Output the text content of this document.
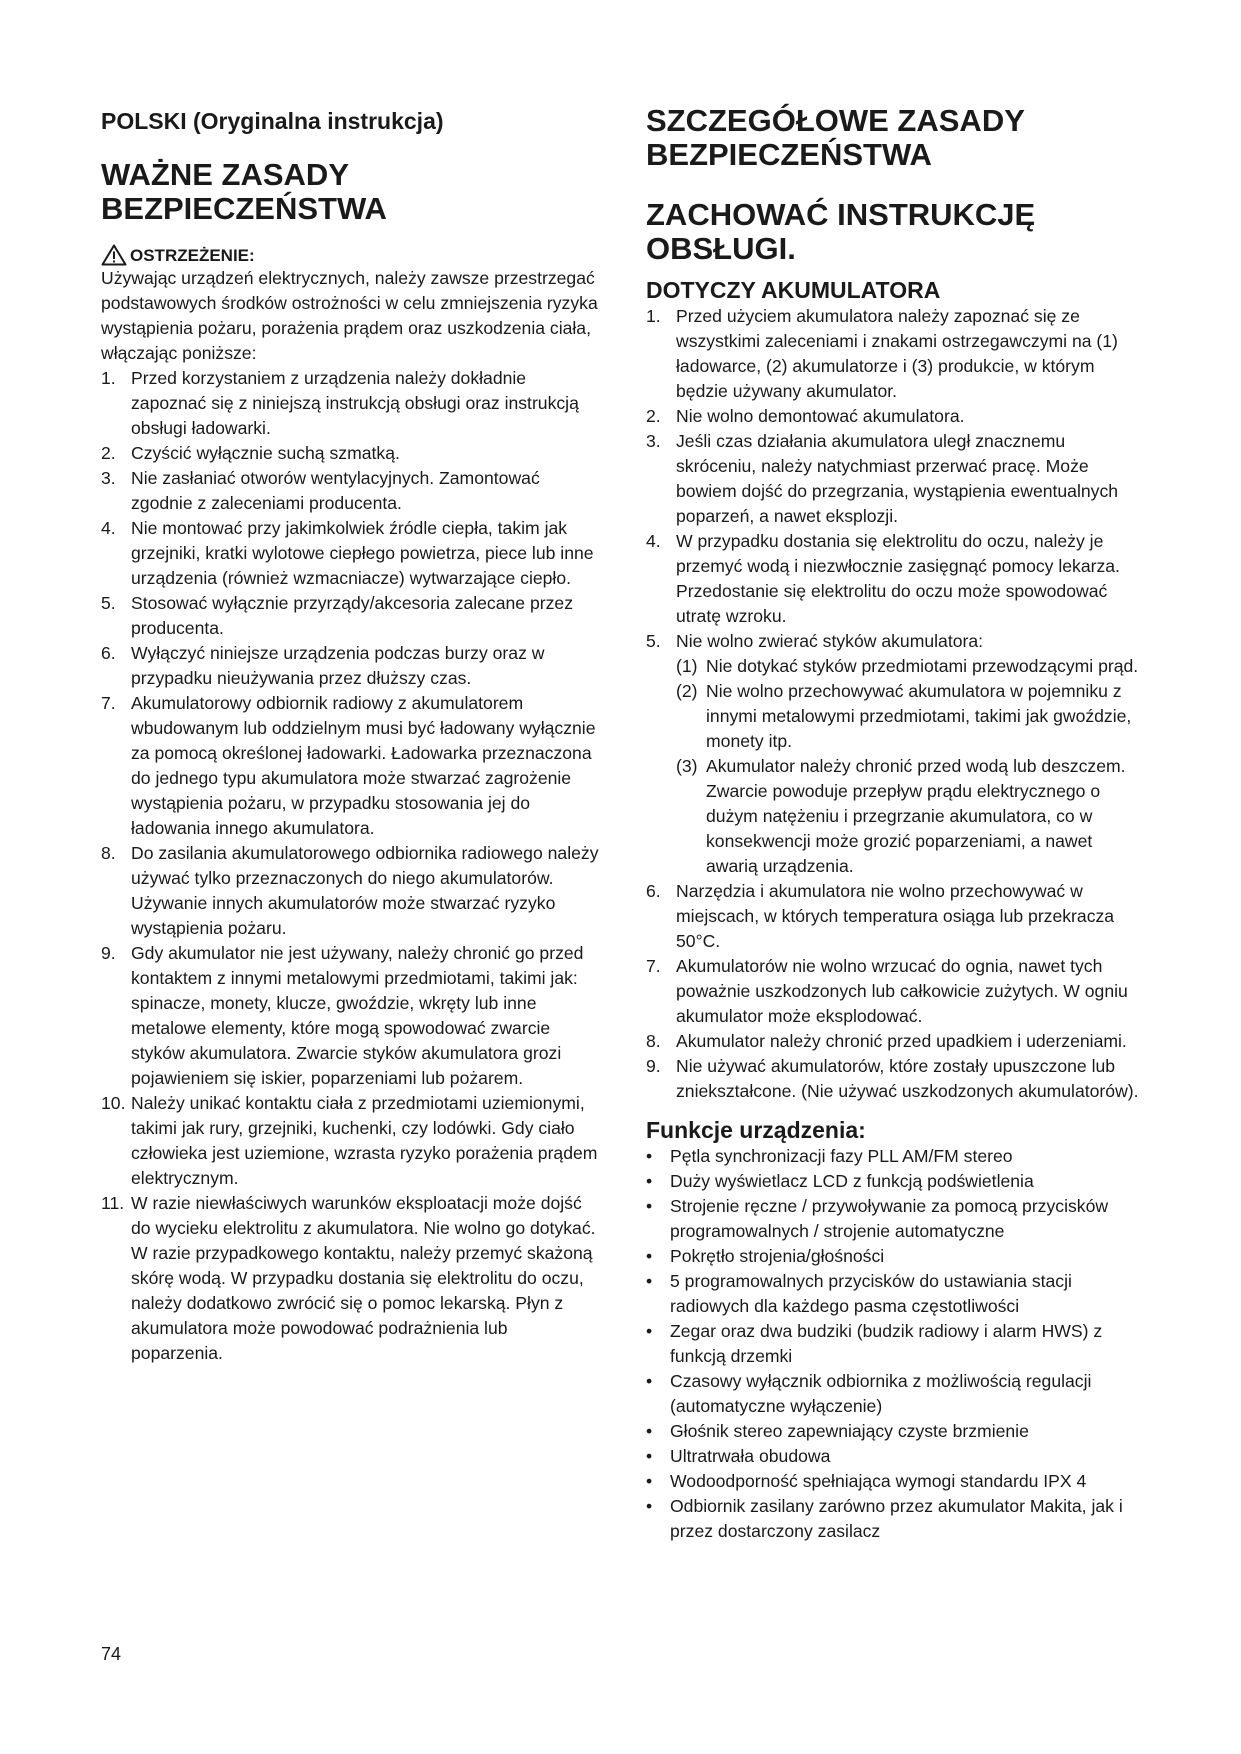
POLSKI (Oryginalna instrukcja)

WAŻNE ZASADY BEZPIECZEŃSTWA
OSTRZEŻENIE:

Używając urządzeń elektrycznych, należy zawsze przestrzegać podstawowych środków ostrożności w celu zmniejszenia ryzyka wystąpienia pożaru, porażenia prądem oraz uszkodzenia ciała, włączając poniższe:

1. Przed korzystaniem z urządzenia należy dokładnie zapoznać się z niniejszą instrukcją obsługi oraz instrukcją obsługi ładowarki.
2. Czyścić wyłącznie suchą szmatką.
3. Nie zasłaniać otworów wentylacyjnych. Zamontować zgodnie z zaleceniami producenta.
4. Nie montować przy jakimkolwiek źródle ciepła, takim jak grzejniki, kratki wylotowe ciepłego powietrza, piece lub inne urządzenia (również wzmacniacze) wytwarzające ciepło.
5. Stosować wyłącznie przyrządy/akcesoria zalecane przez producenta.
6. Wyłączyć niniejsze urządzenia podczas burzy oraz w przypadku nieużywania przez dłuższy czas.
7. Akumulatorowy odbiornik radiowy z akumulatorem wbudowanym lub oddzielnym musi być ładowany wyłącznie za pomocą określonej ładowarki. Ładowarka przeznaczona do jednego typu akumulatora może stwarzać zagrożenie wystąpienia pożaru, w przypadku stosowania jej do ładowania innego akumulatora.
8. Do zasilania akumulatorowego odbiornika radiowego należy używać tylko przeznaczonych do niego akumulatorów. Używanie innych akumulatorów może stwarzać ryzyko wystąpienia pożaru.
9. Gdy akumulator nie jest używany, należy chronić go przed kontaktem z innymi metalowymi przedmiotami, takimi jak: spinacze, monety, klucze, gwoździe, wkręty lub inne metalowe elementy, które mogą spowodować zwarcie styków akumulatora. Zwarcie styków akumulatora grozi pojawieniem się iskier, poparzeniami lub pożarem.
10. Należy unikać kontaktu ciała z przedmiotami uziemionymi, takimi jak rury, grzejniki, kuchenki, czy lodówki. Gdy ciało człowieka jest uziemione, wzrasta ryzyko porażenia prądem elektrycznym.
11. W razie niewłaściwych warunków eksploatacji może dojść do wycieku elektrolitu z akumulatora. Nie wolno go dotykać. W razie przypadkowego kontaktu, należy przemyć skażoną skórę wodą. W przypadku dostania się elektrolitu do oczu, należy dodatkowo zwrócić się o pomoc lekarską. Płyn z akumulatora może powodować podrażnienia lub poparzenia.
SZCZEGÓŁOWE ZASADY BEZPIECZEŃSTWA
ZACHOWAĆ INSTRUKCJĘ OBSŁUGI.
DOTYCZY AKUMULATORA
1. Przed użyciem akumulatora należy zapoznać się ze wszystkimi zaleceniami i znakami ostrzegawczymi na (1) ładowarce, (2) akumulatorze i (3) produkcie, w którym będzie używany akumulator.
2. Nie wolno demontować akumulatora.
3. Jeśli czas działania akumulatora uległ znacznemu skróceniu, należy natychmiast przerwać pracę. Może bowiem dojść do przegrzania, wystąpienia ewentualnych poparzeń, a nawet eksplozji.
4. W przypadku dostania się elektrolitu do oczu, należy je przemyć wodą i niezwłocznie zasięgnąć pomocy lekarza. Przedostanie się elektrolitu do oczu może spowodować utratę wzroku.
5. Nie wolno zwierać styków akumulatora:
(1) Nie dotykać styków przedmiotami przewodzącymi prąd.
(2) Nie wolno przechowywać akumulatora w pojemniku z innymi metalowymi przedmiotami, takimi jak gwoździe, monety itp.
(3) Akumulator należy chronić przed wodą lub deszczem. Zwarcie powoduje przepływ prądu elektrycznego o dużym natężeniu i przegrzanie akumulatora, co w konsekwencji może grozić poparzeniami, a nawet awarią urządzenia.
6. Narzędzia i akumulatora nie wolno przechowywać w miejscach, w których temperatura osiąga lub przekracza 50°C.
7. Akumulatorów nie wolno wrzucać do ognia, nawet tych poważnie uszkodzonych lub całkowicie zużytych. W ogniu akumulator może eksplodować.
8. Akumulator należy chronić przed upadkiem i uderzeniami.
9. Nie używać akumulatorów, które zostały upuszczone lub zniekształcone. (Nie używać uszkodzonych akumulatorów).
Funkcje urządzenia:
• Pętla synchronizacji fazy PLL AM/FM stereo
• Duży wyświetlacz LCD z funkcją podświetlenia
• Strojenie ręczne / przywoływanie za pomocą przycisków programowalnych / strojenie automatyczne
• Pokrętło strojenia/głośności
• 5 programowalnych przycisków do ustawiania stacji radiowych dla każdego pasma częstotliwości
• Zegar oraz dwa budziki (budzik radiowy i alarm HWS) z funkcją drzemki
• Czasowy wyłącznik odbiornika z możliwością regulacji (automatyczne wyłączenie)
• Głośnik stereo zapewniający czyste brzmienie
• Ultratrwała obudowa
• Wodoodporność spełniająca wymogi standardu IPX 4
• Odbiornik zasilany zarówno przez akumulator Makita, jak i przez dostarczony zasilacz
74
